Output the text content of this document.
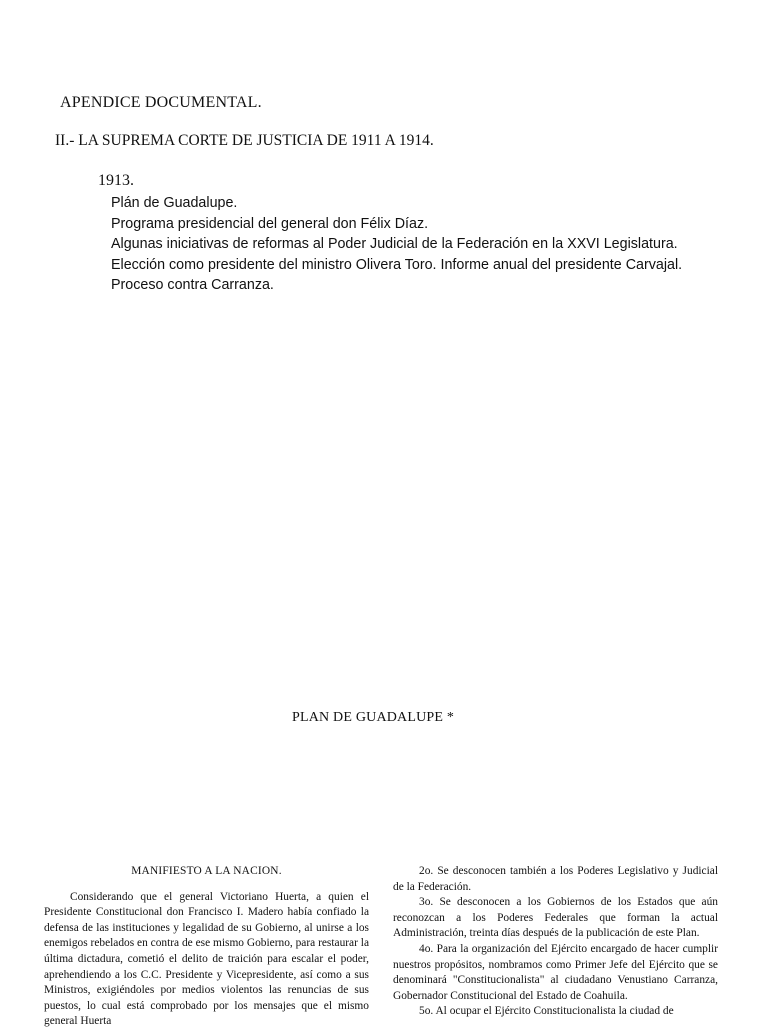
APENDICE DOCUMENTAL.
II.- LA SUPREMA CORTE DE JUSTICIA DE 1911 A 1914.
1913.
Plán de Guadalupe.
Programa presidencial del general don Félix Díaz.
Algunas iniciativas de reformas al Poder Judicial de la Federación en la XXVI Legislatura.
Elección como presidente del ministro Olivera Toro. Informe anual del presidente Carvajal.
Proceso contra Carranza.
PLAN DE GUADALUPE *
MANIFIESTO A LA NACION.

Considerando que el general Victoriano Huerta, a quien el Presidente Constitucional don Francisco I. Madero había confiado la defensa de las instituciones y legalidad de su Gobierno, al unirse a los enemigos rebelados en contra de ese mismo Gobierno, para restaurar la última dictadura, cometió el delito de traición para escalar el poder, aprehendiendo a los C.C. Presidente y Vicepresidente, así como a sus Ministros, exigiéndoles por medios violentos las renuncias de sus puestos, lo cual está comprobado por los mensajes que el mismo general Huerta

2o. Se desconocen también a los Poderes Legislativo y Judicial de la Federación.

3o. Se desconocen a los Gobiernos de los Estados que aún reconozcan a los Poderes Federales que forman la actual Administración, treinta días después de la publicación de este Plan.

4o. Para la organización del Ejército encargado de hacer cumplir nuestros propósitos, nombramos como Primer Jefe del Ejército que se denominará "Constitucionalista" al ciudadano Venustiano Carranza, Gobernador Constitucional del Estado de Coahuila.

5o. Al ocupar el Ejército Constitucionalista la ciudad de
